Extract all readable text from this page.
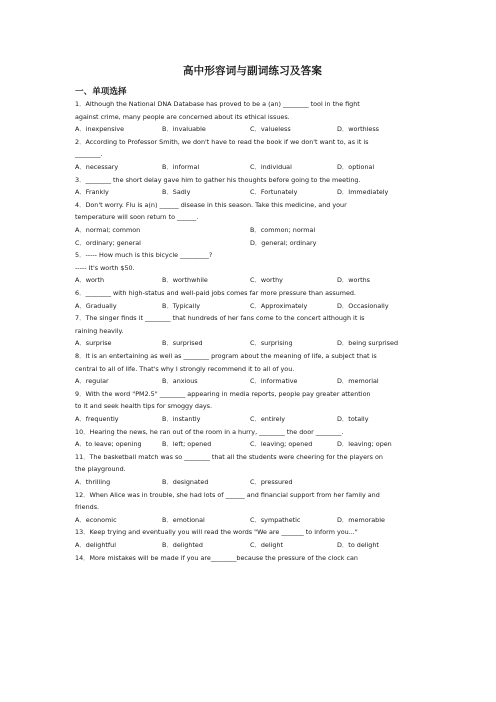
高中形容词与副词练习及答案
一、单项选择
1．Although the National DNA Database has proved to be a (an) ________ tool in the fight
against crime, many people are concerned about its ethical issues.
A．inexpensive	B．invaluable	C．valueless	D．worthless
2．According to Professor Smith, we don't have to read the book if we don't want to, as it is
________.
A．necessary	B．informal	C．individual	D．optional
3．________ the short delay gave him to gather his thoughts before going to the meeting.
A．Frankly	B．Sadly	C．Fortunately	D．Immediately
4．Don't worry. Flu is a(n) ______ disease in this season. Take this medicine, and your
temperature will soon return to ______.
A．normal; common	B．common; normal
C．ordinary; general	D．general; ordinary
5．----- How much is this bicycle _________?
----- It's worth $50.
A．worth	B．worthwhile	C．worthy	D．worths
6．________ with high-status and well-paid jobs comes far more pressure than assumed.
A．Gradually	B．Typically	C．Approximately	D．Occasionally
7．The singer finds it ________ that hundreds of her fans come to the concert although it is
raining heavily.
A．surprise	B．surprised	C．surprising	D．being surprised
8．It is an entertaining as well as ________ program about the meaning of life, a subject that is
central to all of life. That's why I strongly recommend it to all of you.
A．regular	B．anxious	C．informative	D．memorial
9．With the word "PM2.5" ________ appearing in media reports, people pay greater attention
to it and seek health tips for smoggy days.
A．frequently	B．instantly	C．entirely	D．totally
10．Hearing the news, he ran out of the room in a hurry, ________ the door ________.
A．to leave; opening	B．left; opened	C．leaving; opened	D．leaving; open
11．The basketball match was so ________ that all the students were cheering for the players on
the playground.
A．thrilling	B．designated	C．pressured
12．When Alice was in trouble, she had lots of ______ and financial support from her family and
friends.
A．economic	B．emotional	C．sympathetic	D．memorable
13．Keep trying and eventually you will read the words "We are _______ to inform you..."
A．delightful	B．delighted	C．delight	D．to delight
14．More mistakes will be made if you are________because the pressure of the clock can
